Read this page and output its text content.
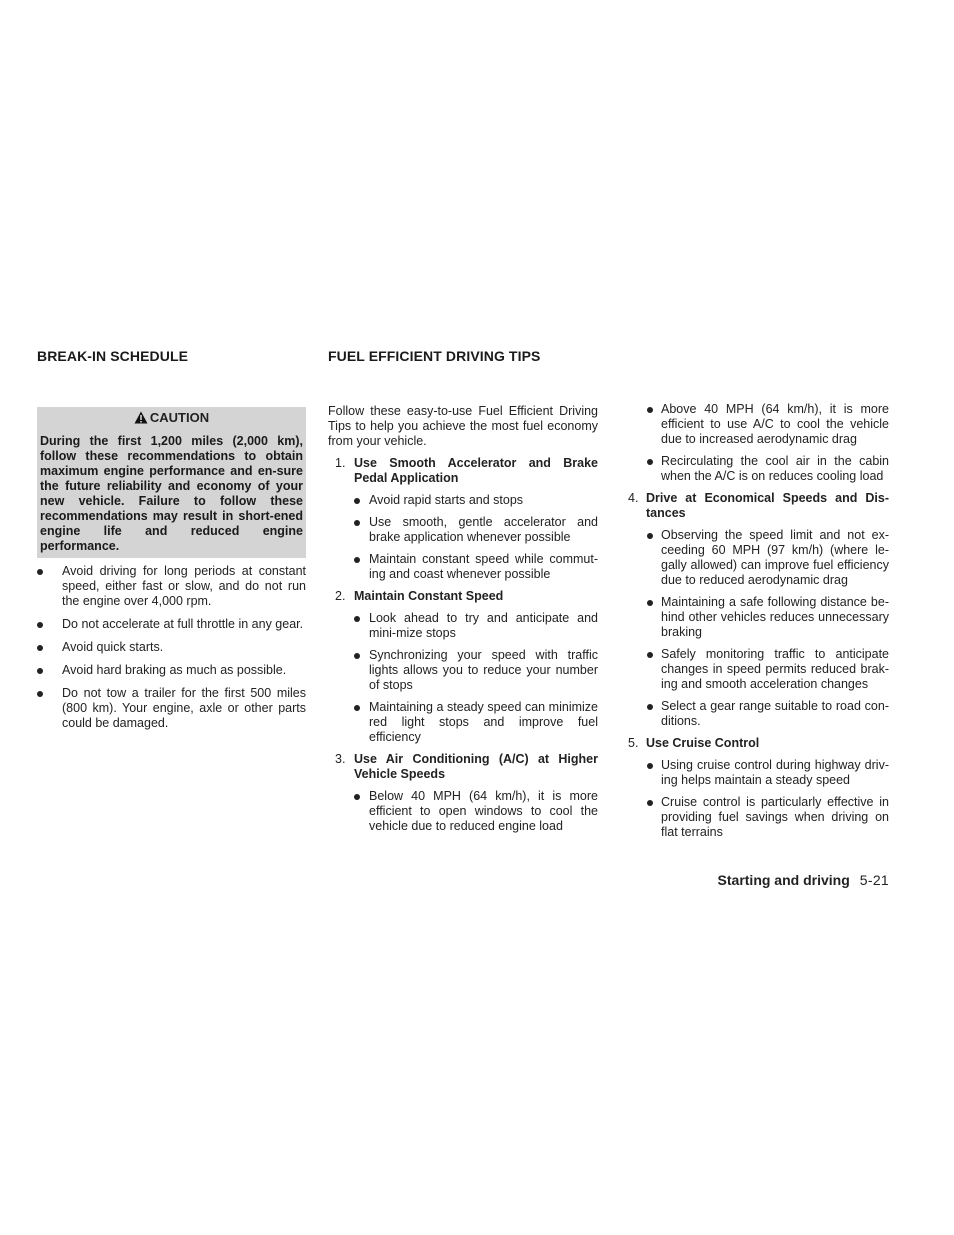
BREAK-IN SCHEDULE
CAUTION
During the first 1,200 miles (2,000 km), follow these recommendations to obtain maximum engine performance and en-sure the future reliability and economy of your new vehicle. Failure to follow these recommendations may result in short-ened engine life and reduced engine performance.
Avoid driving for long periods at constant speed, either fast or slow, and do not run the engine over 4,000 rpm.
Do not accelerate at full throttle in any gear.
Avoid quick starts.
Avoid hard braking as much as possible.
Do not tow a trailer for the first 500 miles (800 km). Your engine, axle or other parts could be damaged.
FUEL EFFICIENT DRIVING TIPS

Follow these easy-to-use Fuel Efficient Driving Tips to help you achieve the most fuel economy from your vehicle.

1. Use Smooth Accelerator and Brake Pedal Application
Avoid rapid starts and stops
Use smooth, gentle accelerator and brake application whenever possible
Maintain constant speed while commut-ing and coast whenever possible
2. Maintain Constant Speed
Look ahead to try and anticipate and mini-mize stops
Synchronizing your speed with traffic lights allows you to reduce your number of stops
Maintaining a steady speed can minimize red light stops and improve fuel efficiency
3. Use Air Conditioning (A/C) at Higher Vehicle Speeds
Below 40 MPH (64 km/h), it is more efficient to open windows to cool the vehicle due to reduced engine load
Above 40 MPH (64 km/h), it is more efficient to use A/C to cool the vehicle due to increased aerodynamic drag
Recirculating the cool air in the cabin when the A/C is on reduces cooling load
4. Drive at Economical Speeds and Dis-tances
Observing the speed limit and not ex-ceeding 60 MPH (97 km/h) (where le-gally allowed) can improve fuel efficiency due to reduced aerodynamic drag
Maintaining a safe following distance be-hind other vehicles reduces unnecessary braking
Safely monitoring traffic to anticipate changes in speed permits reduced brak-ing and smooth acceleration changes
Select a gear range suitable to road con-ditions.
5. Use Cruise Control
Using cruise control during highway driv-ing helps maintain a steady speed
Cruise control is particularly effective in providing fuel savings when driving on flat terrains
Starting and driving 5-21
